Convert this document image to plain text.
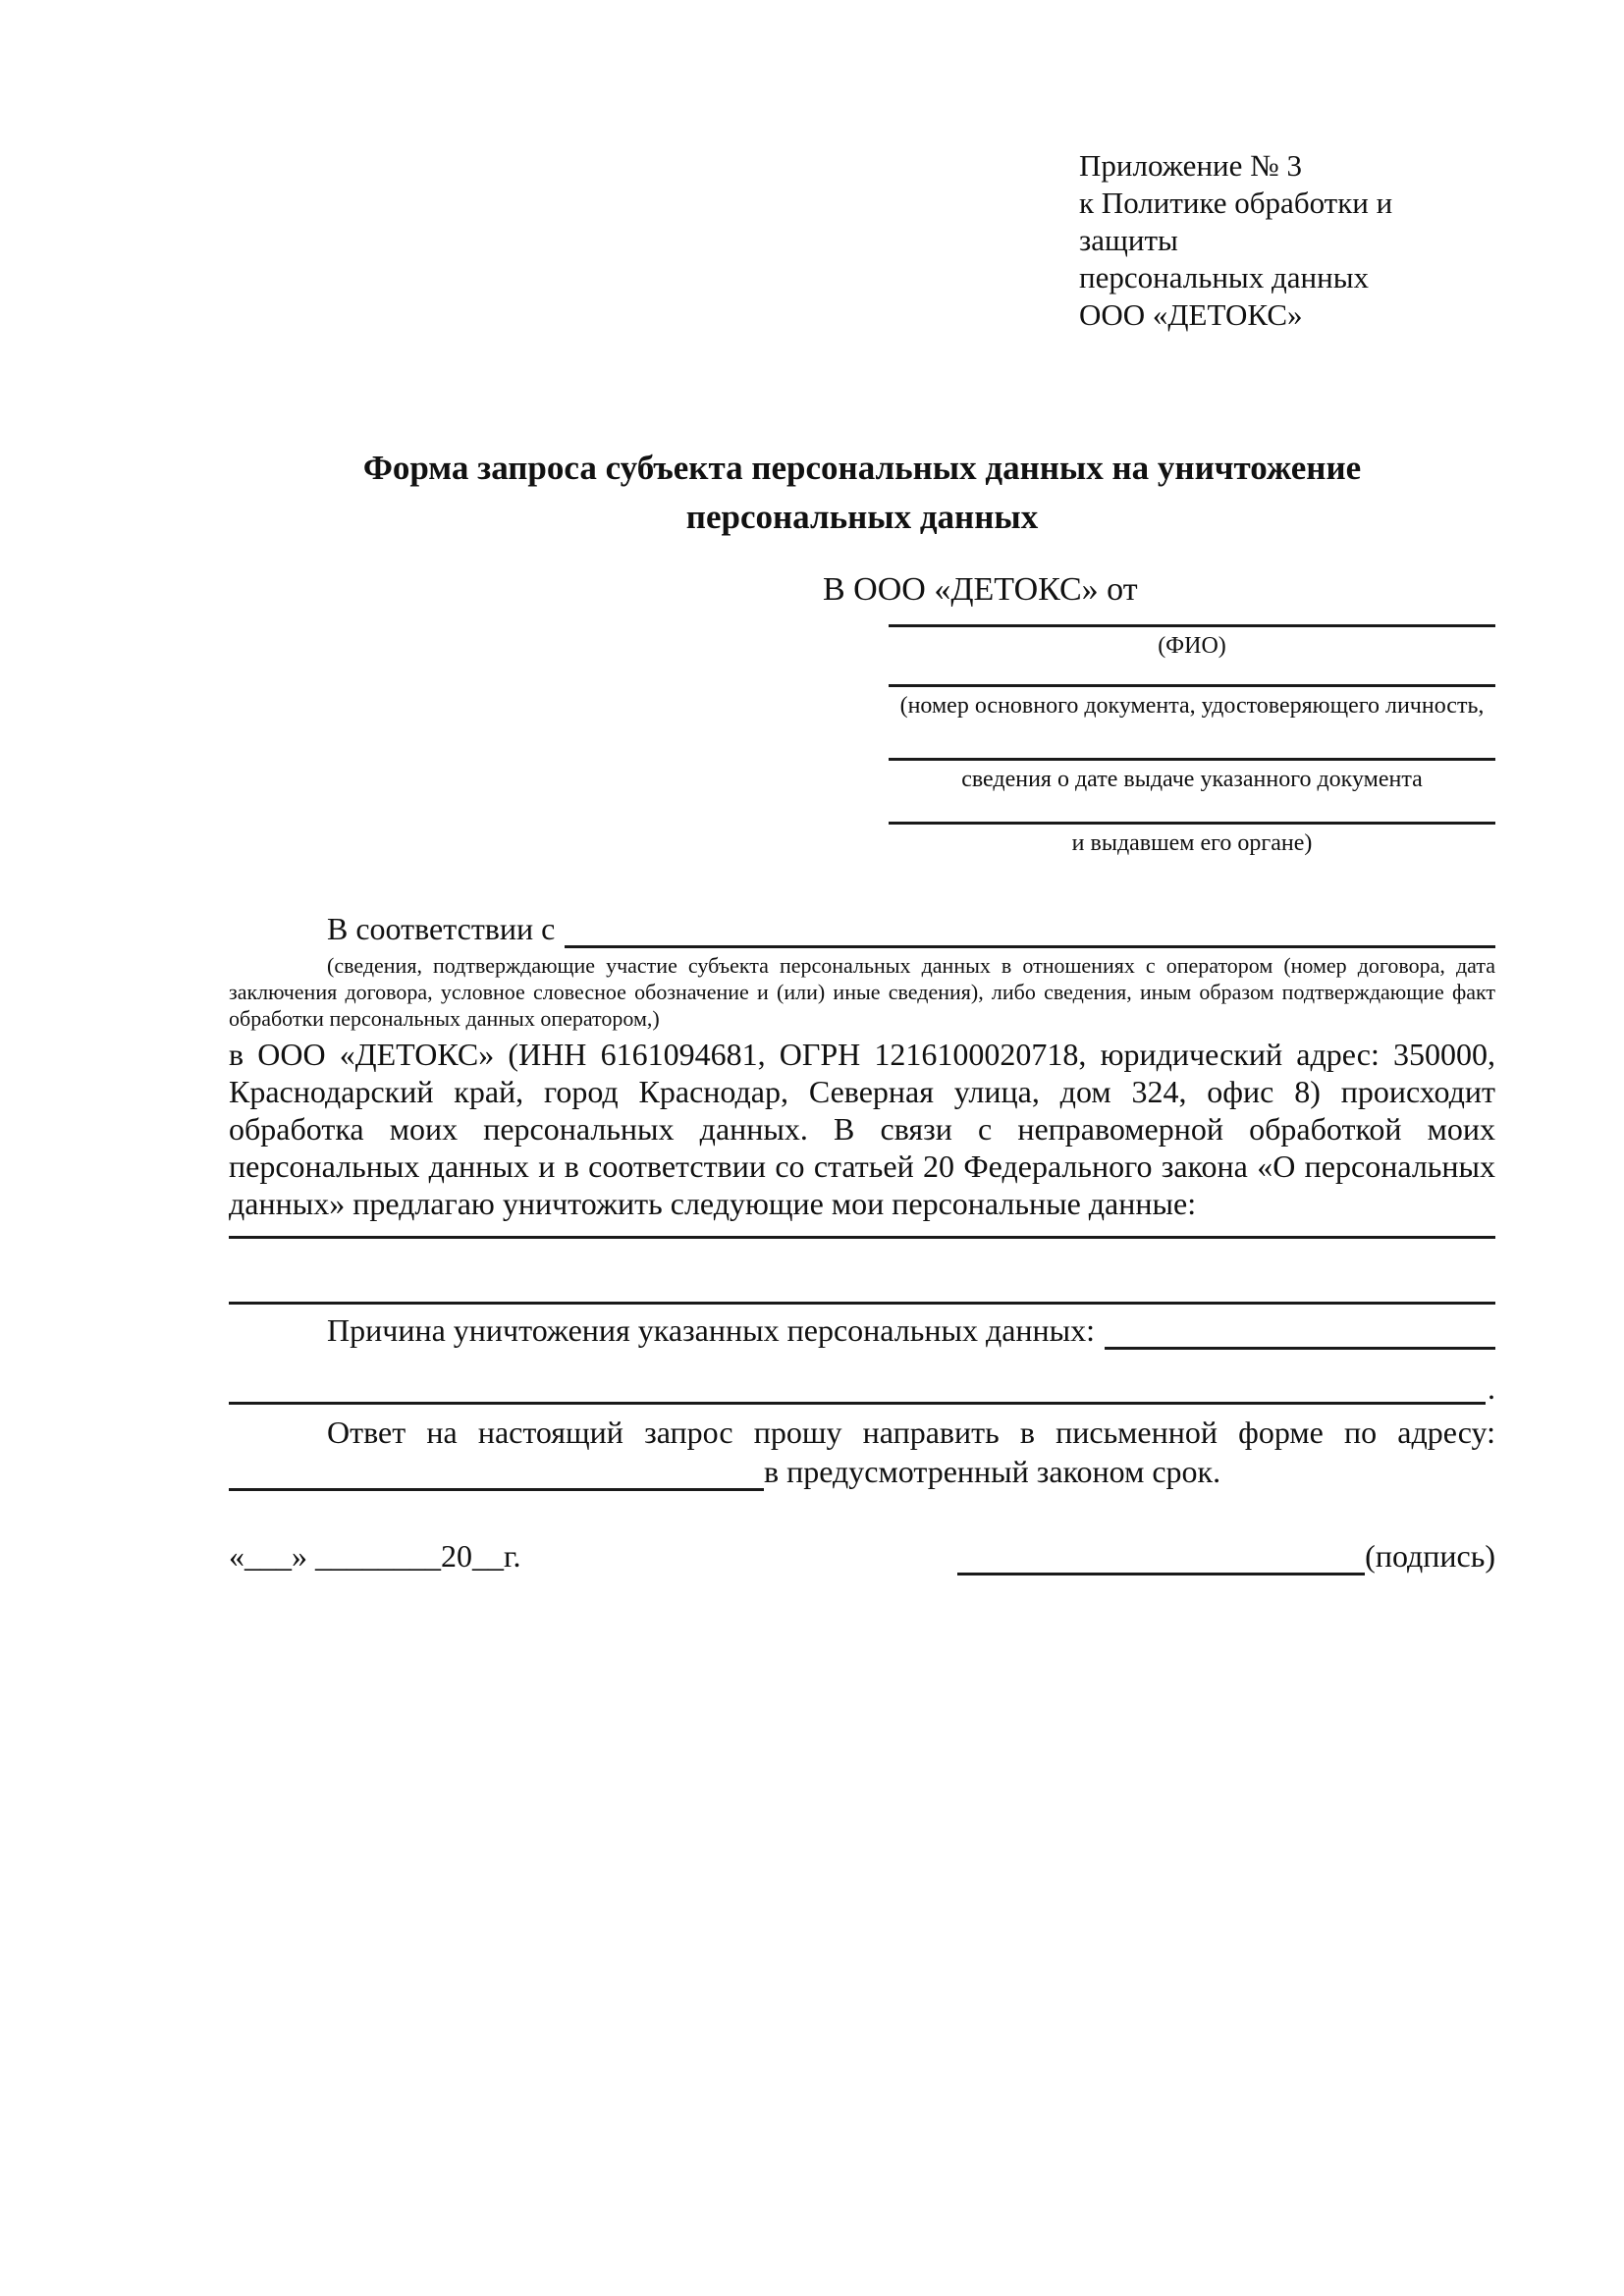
Приложение № 3
к Политике обработки и защиты
персональных данных
ООО «ДЕТОКС»
Форма запроса субъекта персональных данных на уничтожение персональных данных
В ООО «ДЕТОКС» от
(ФИО)
(номер основного документа, удостоверяющего личность,
сведения о дате выдаче указанного документа
и выдавшем его органе)
В соответствии с

(сведения, подтверждающие участие субъекта персональных данных в отношениях с оператором (номер договора, дата заключения договора, условное словесное обозначение и (или) иные сведения), либо сведения, иным образом подтверждающие факт обработки персональных данных оператором,)

в ООО «ДЕТОКС» (ИНН 6161094681, ОГРН 1216100020718, юридический адрес: 350000, Краснодарский край, город Краснодар, Северная улица, дом 324, офис 8) происходит обработка моих персональных данных. В связи с неправомерной обработкой моих персональных данных и в соответствии со статьей 20 Федерального закона «О персональных данных» предлагаю уничтожить следующие мои персональные данные:

Причина уничтожения указанных персональных данных:
.

Ответ на настоящий запрос прошу направить в письменной форме по адресу:

в предусмотренный законом срок.
«___» ________20__г.	(подпись)
